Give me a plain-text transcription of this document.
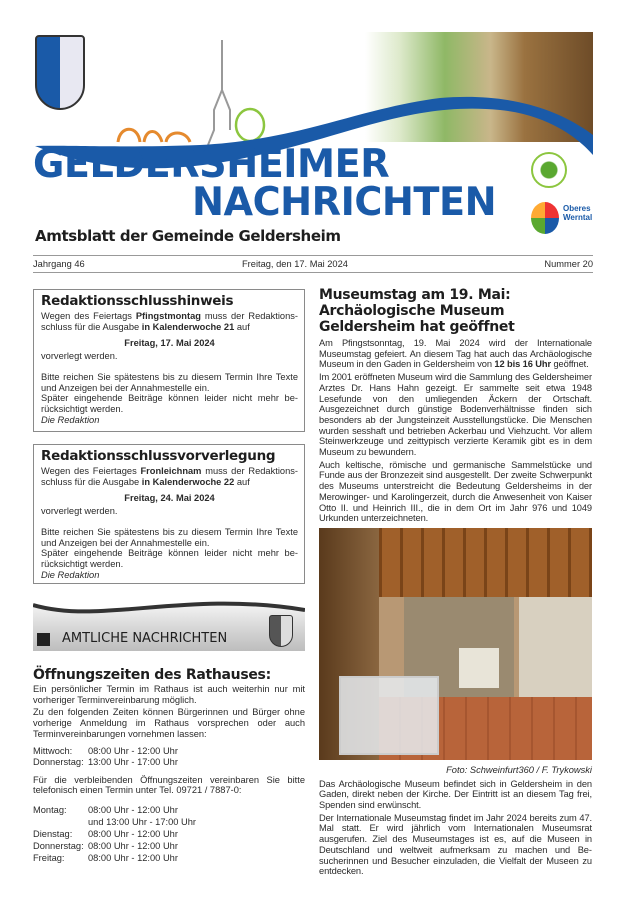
GELDERSHEIMER
NACHRICHTEN
Amtsblatt der Gemeinde Geldersheim
Oberes Werntal
Jahrgang 46	Freitag, den 17. Mai 2024	Nummer 20
Redaktionsschlusshinweis

Wegen des Feiertags Pfingstmontag muss der Redaktionsschluss für die Ausgabe in Kalenderwoche 21 auf

Freitag, 17. Mai 2024

vorverlegt werden.

Bitte reichen Sie spätestens bis zu diesem Termin Ihre Texte und Anzeigen bei der Annahmestelle ein.

Später eingehende Beiträge können leider nicht mehr berücksichtigt werden.

Die Redaktion

Redaktionsschlussvorverlegung

Wegen des Feiertages Fronleichnam muss der Redaktionsschluss für die Ausgabe in Kalenderwoche 22 auf

Freitag, 24. Mai 2024

vorverlegt werden.

Bitte reichen Sie spätestens bis zu diesem Termin Ihre Texte und Anzeigen bei der Annahmestelle ein.

Später eingehende Beiträge können leider nicht mehr berücksichtigt werden.

Die Redaktion

AMTLICHE NACHRICHTEN
Öffnungszeiten des Rathauses:

Ein persönlicher Termin im Rathaus ist auch weiterhin nur mit vorheriger Terminvereinbarung möglich.

Zu den folgenden Zeiten können Bürgerinnen und Bürger ohne vorherige Anmeldung im Rathaus vorsprechen oder auch Terminvereinbarungen vornehmen lassen:

Mittwoch:	08:00 Uhr - 12:00 Uhr
Donnerstag: 13:00 Uhr - 17:00 Uhr

Für die verbleibenden Öffnungszeiten vereinbaren Sie bitte telefonisch einen Termin unter Tel. 09721 / 7887-0:

Montag:	08:00 Uhr - 12:00 Uhr
und 13:00 Uhr - 17:00 Uhr
Dienstag:	08:00 Uhr - 12:00 Uhr
Donnerstag: 08:00 Uhr - 12:00 Uhr
Freitag:	08:00 Uhr - 12:00 Uhr
Museumstag am 19. Mai: Archäologische Museum Geldersheim hat geöffnet

Am Pfingstsonntag, 19. Mai 2024 wird der Internationale Museumstag gefeiert. An diesem Tag hat auch das Archäologische Museum in den Gaden in Geldersheim von 12 bis 16 Uhr geöffnet.

Im 2001 eröffneten Museum wird die Sammlung des Geldersheimer Arztes Dr. Hans Hahn gezeigt. Er sammelte seit etwa 1948 Lesefunde von den umliegenden Äckern der Ortschaft. Ausgezeichnet durch günstige Bodenverhältnisse finden sich besonders ab der Jungsteinzeit Ausstellungstücke. Die Menschen wurden sesshaft und betrieben Ackerbau und Viehzucht. Vor allem Steinwerkzeuge und zeittypisch verzierte Keramik gibt es in dem Museum zu bewundern.

Auch keltische, römische und germanische Sammelstücke und Funde aus der Bronzezeit sind ausgestellt. Der zweite Schwerpunkt des Museums unterstreicht die Bedeutung Geldersheims in der Merowinger- und Karolingerzeit, durch die Anwesenheit von Kaiser Otto II. und Heinrich III., die in dem Ort im Jahr 976 und 1049 Urkunden unterzeichneten.

Foto: Schweinfurt360 / F. Trykowski

Das Archäologische Museum befindet sich in Geldersheim in den Gaden, direkt neben der Kirche. Der Eintritt ist an diesem Tag frei, Spenden sind erwünscht.

Der Internationale Museumstag findet im Jahr 2024 bereits zum 47. Mal statt. Er wird jährlich vom Internationalen Museumsrat ausgerufen. Ziel des Museumstages ist es, auf die Museen in Deutschland und weltweit aufmerksam zu machen und Besucherinnen und Besucher einzuladen, die Vielfalt der Museen zu entdecken.
